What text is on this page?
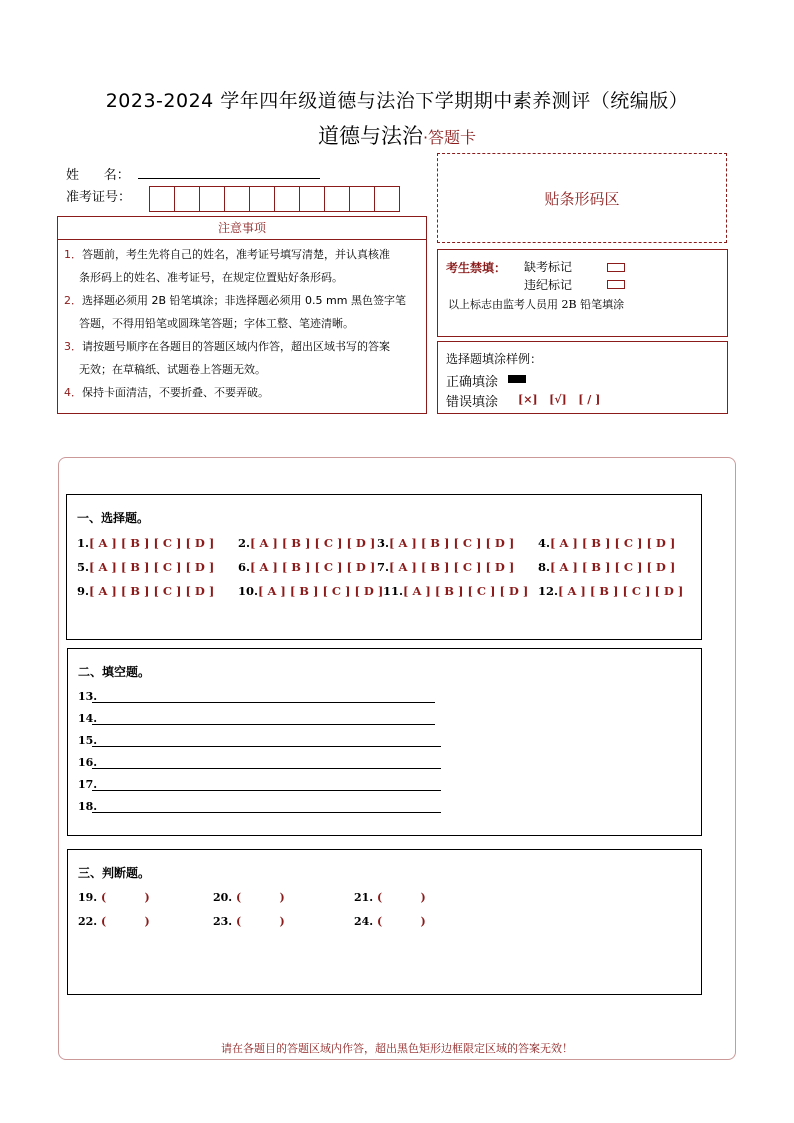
2023-2024 学年四年级道德与法治下学期期中素养测评（统编版）
道德与法治·答题卡
姓      名：
准考证号：	贴条形码区
注意事项
1．答题前，考生先将自己的姓名，准考证号填写清楚，并认真核准
条形码上的姓名、准考证号，在规定位置贴好条形码。
2．选择题必须用 2B 铅笔填涂；非选择题必须用 0.5 mm 黑色签字笔
答题，不得用铅笔或圆珠笔答题；字体工整、笔迹清晰。
3．请按题号顺序在各题目的答题区域内作答，超出区域书写的答案
无效；在草稿纸、试题卷上答题无效。
4．保持卡面清洁，不要折叠、不要弄破。
考生禁填： 缺考标记
违纪标记
以上标志由监考人员用 2B 铅笔填涂
选择题填涂样例：
正确填涂
错误填涂 [×]   [√]   [ / ]
一、选择题。
1.[ A ] [ B ] [ C ] [ D ] 2.[ A ] [ B ] [ C ] [ D ] 3.[ A ] [ B ] [ C ] [ D ] 4.[ A ] [ B ] [ C ] [ D ]
5.[ A ] [ B ] [ C ] [ D ] 6.[ A ] [ B ] [ C ] [ D ] 7.[ A ] [ B ] [ C ] [ D ] 8.[ A ] [ B ] [ C ] [ D ]
9.[ A ] [ B ] [ C ] [ D ] 10.[ A ] [ B ] [ C ] [ D ] 11.[ A ] [ B ] [ C ] [ D ] 12.[ A ] [ B ] [ C ] [ D ]
二、填空题。
13.
14.
15.
16.
17.
18.
三、判断题。
19. (          )	20. (          )	21. (          )
22. (          )	23. (          )	24. (          )
请在各题目的答题区域内作答，超出黑色矩形边框限定区域的答案无效！
